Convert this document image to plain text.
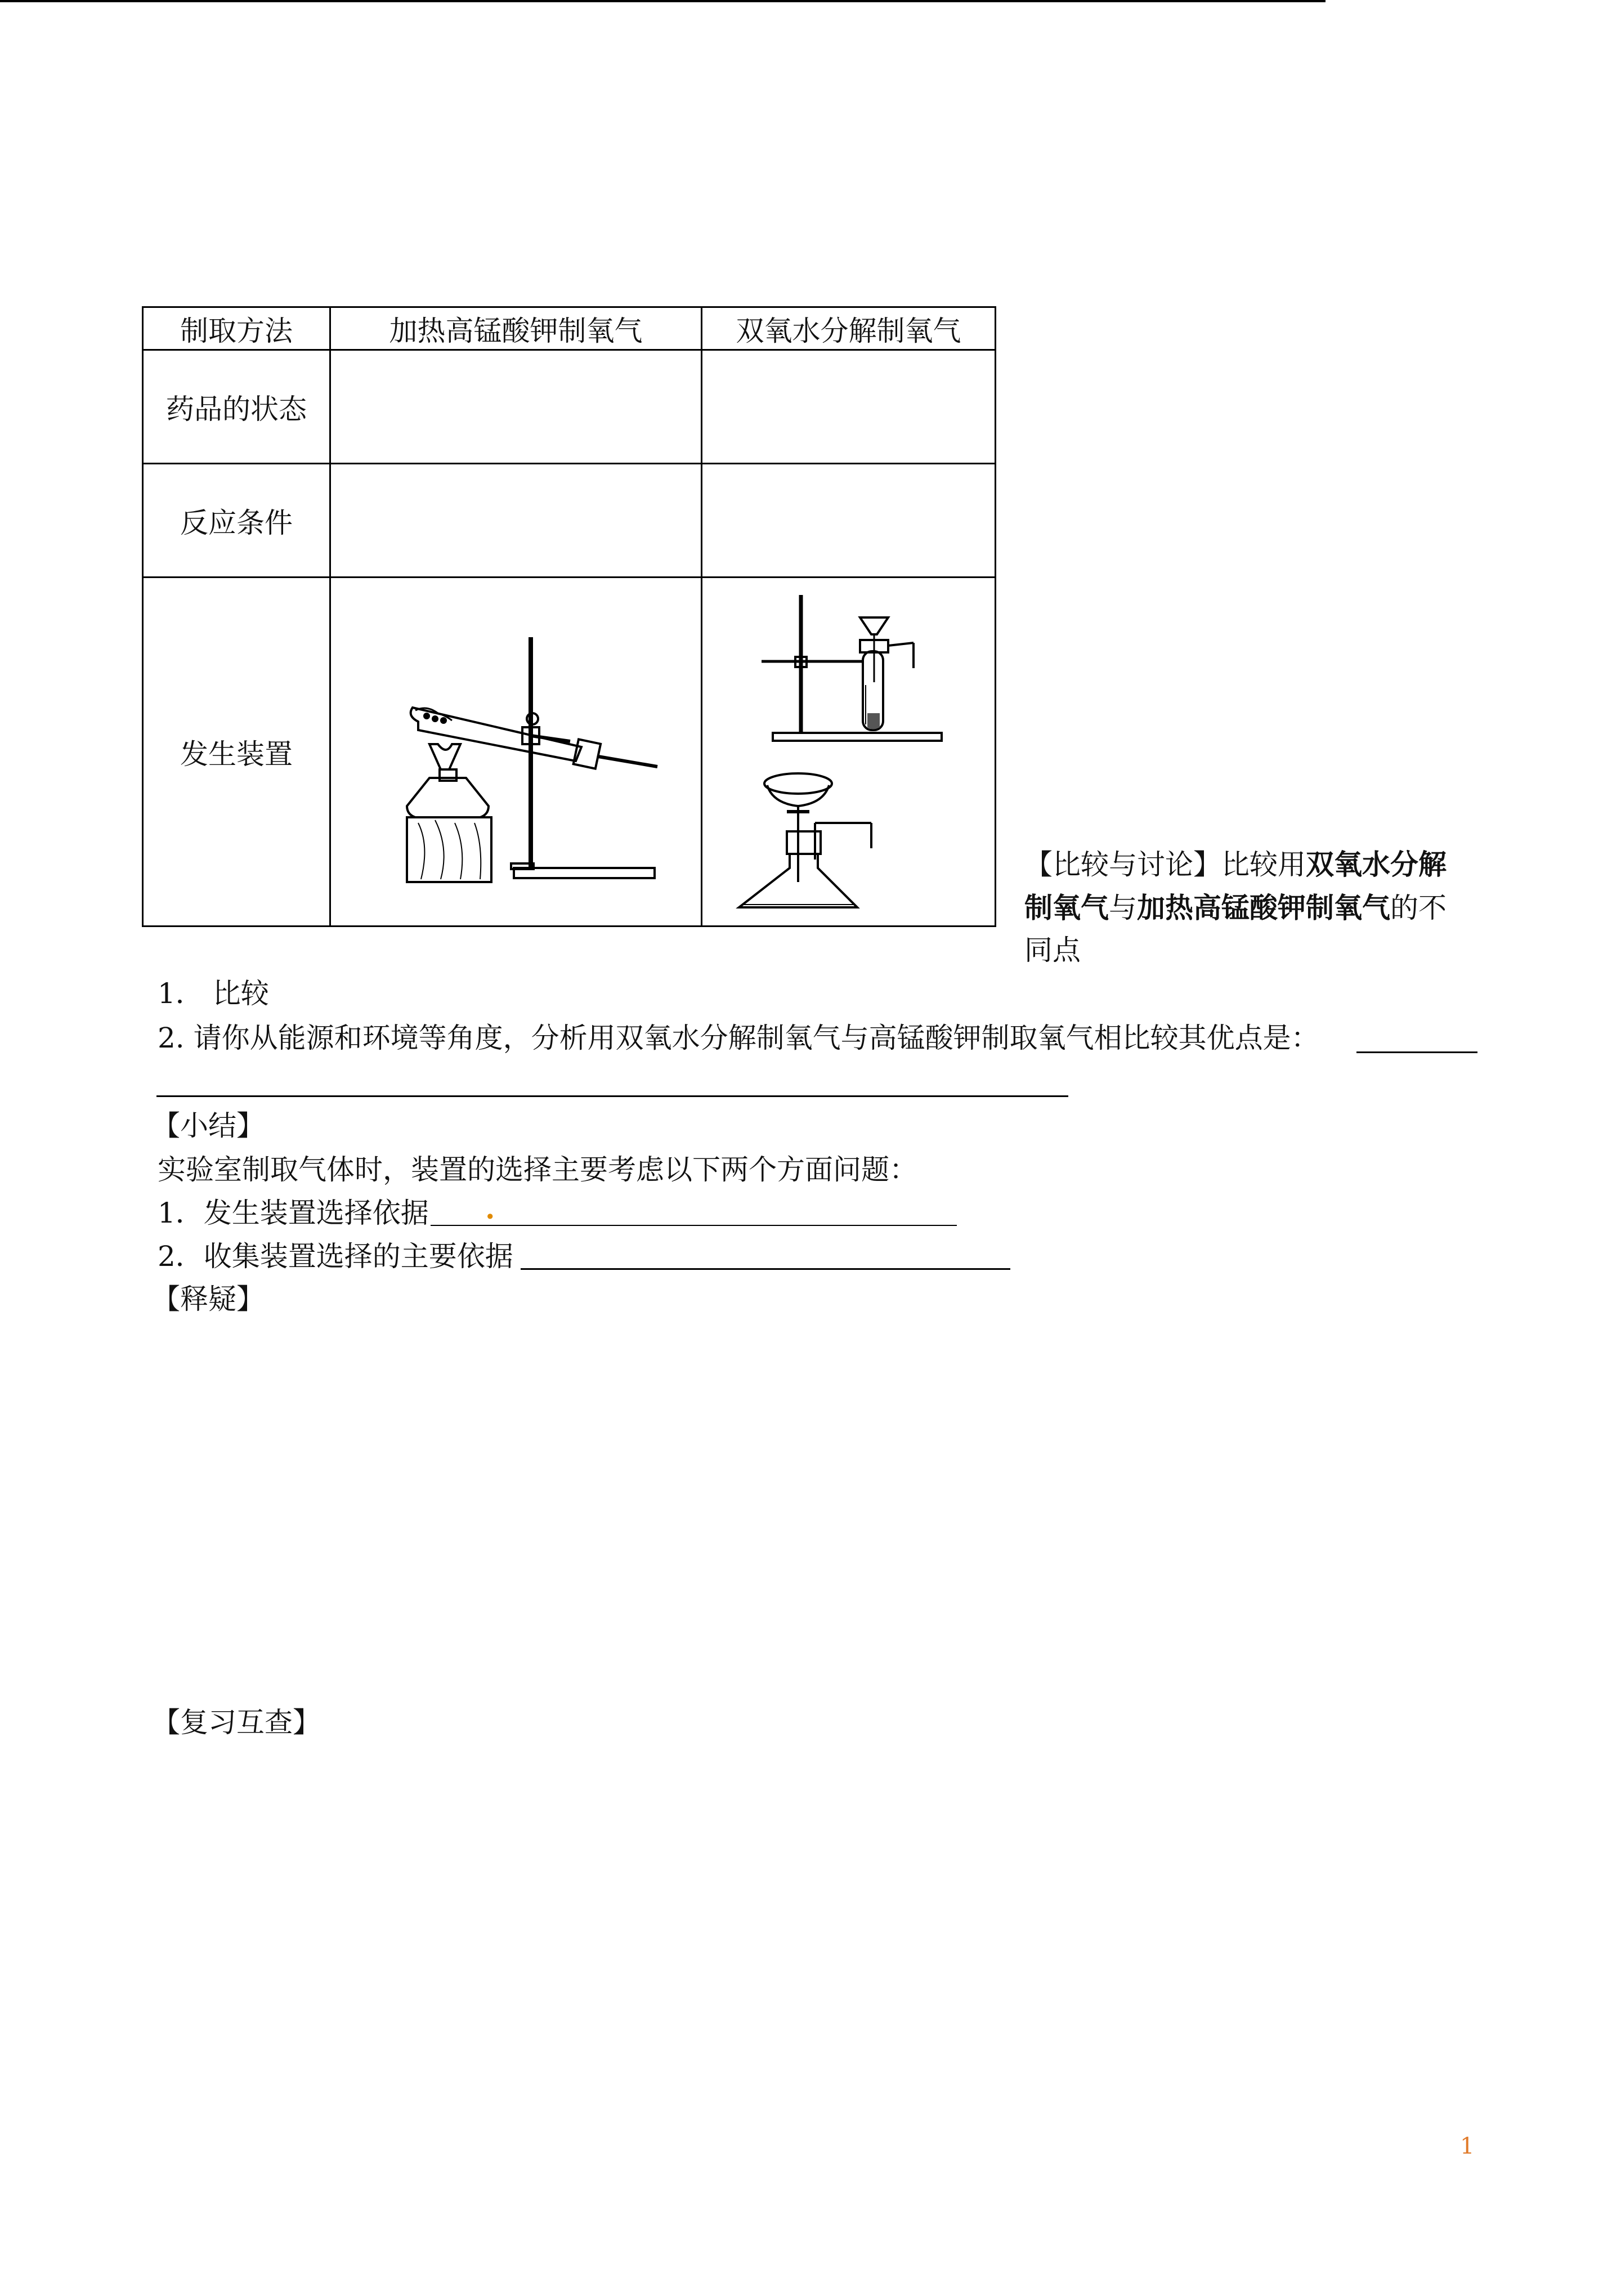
制取方法	加热高锰酸钾制氧气	双氧水分解制氧气
药品的状态		
反应条件		
发生装置	

【比较与讨论】比较用双氧水分解
制氧气与加热高锰酸钾制氧气的不
同点
1． 比较
2. 请你从能源和环境等角度，分析用双氧水分解制氧气与高锰酸钾制取氧气相比较其优点是：
【小结】
实验室制取气体时，装置的选择主要考虑以下两个方面问题：
1．发生装置选择依据 .
2．收集装置选择的主要依据
【释疑】
【复习互查】
1
